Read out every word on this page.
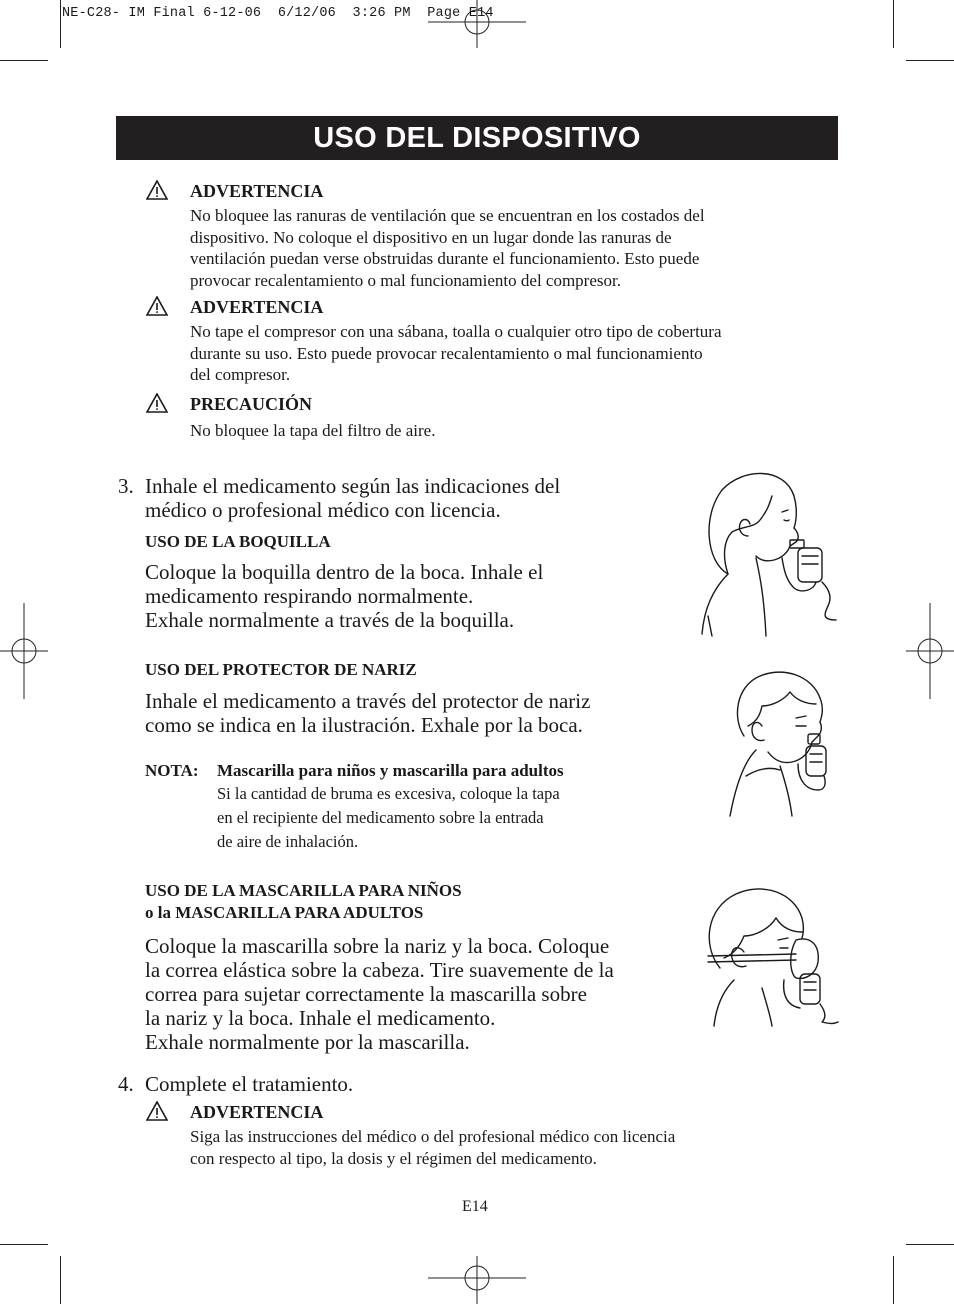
NE-C28- IM Final 6-12-06  6/12/06  3:26 PM  Page E14
USO DEL DISPOSITIVO
ADVERTENCIA
No bloquee las ranuras de ventilación que se encuentran en los costados del
dispositivo. No coloque el dispositivo en un lugar donde las ranuras de
ventilación puedan verse obstruidas durante el funcionamiento. Esto puede
provocar recalentamiento o mal funcionamiento del compresor.
ADVERTENCIA
No tape el compresor con una sábana, toalla o cualquier otro tipo de cobertura
durante su uso. Esto puede provocar recalentamiento o mal funcionamiento
del compresor.
PRECAUCIÓN
No bloquee la tapa del filtro de aire.
3. Inhale el medicamento según las indicaciones del
médico o profesional médico con licencia.
USO DE LA BOQUILLA
Coloque la boquilla dentro de la boca. Inhale el
medicamento respirando normalmente.
Exhale normalmente a través de la boquilla.
USO DEL PROTECTOR DE NARIZ
Inhale el medicamento a través del protector de nariz
como se indica en la ilustración. Exhale por la boca.
NOTA: Mascarilla para niños y mascarilla para adultos
Si la cantidad de bruma es excesiva, coloque la tapa
en el recipiente del medicamento sobre la entrada
de aire de inhalación.
USO DE LA MASCARILLA PARA NIÑOS
o la MASCARILLA PARA ADULTOS
Coloque la mascarilla sobre la nariz y la boca. Coloque
la correa elástica sobre la cabeza. Tire suavemente de la
correa para sujetar correctamente la mascarilla sobre
la nariz y la boca. Inhale el medicamento.
Exhale normalmente por la mascarilla.
4. Complete el tratamiento.
ADVERTENCIA
Siga las instrucciones del médico o del profesional médico con licencia
con respecto al tipo, la dosis y el régimen del medicamento.
E14
